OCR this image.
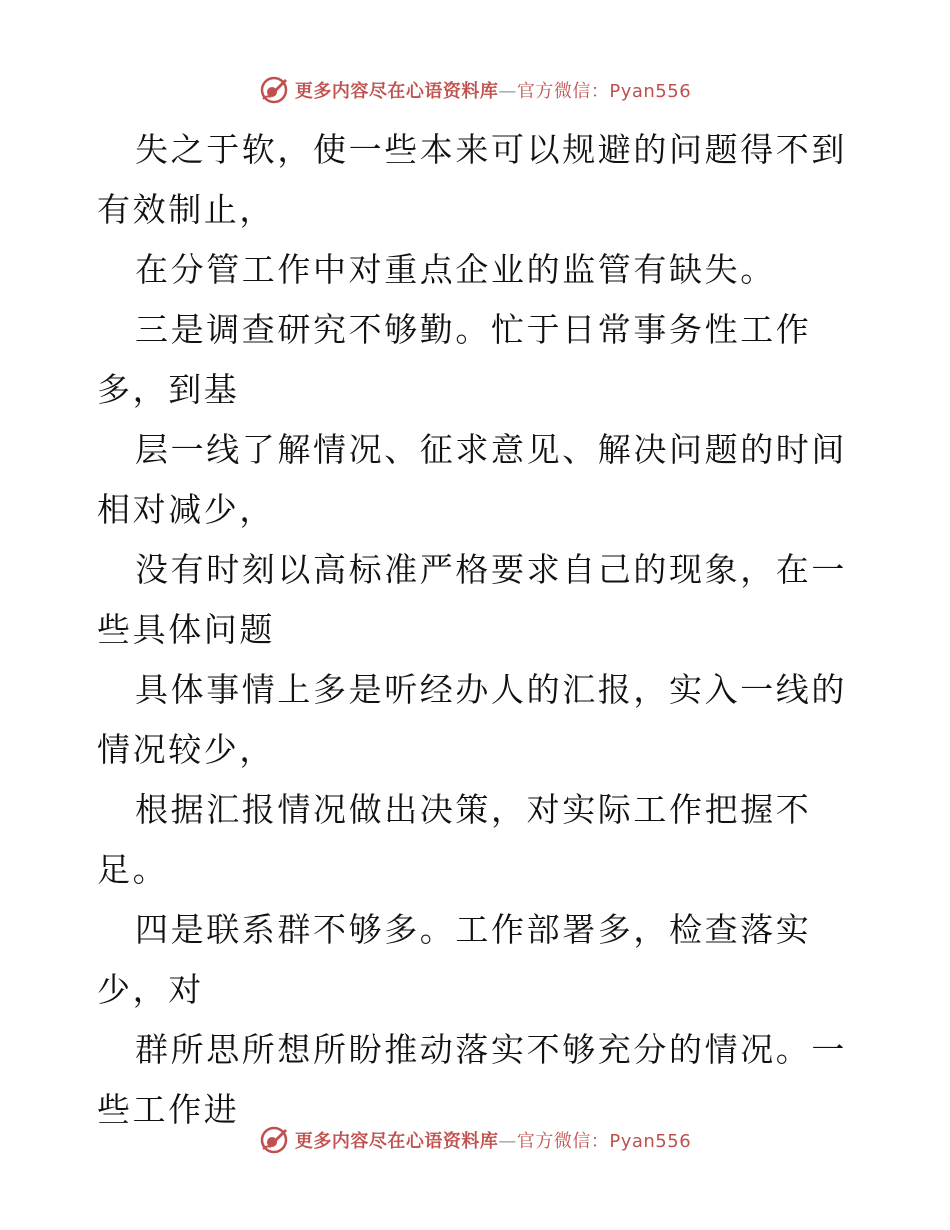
更多内容尽在心语资料库—官方微信：Pyan556

失之于软，使一些本来可以规避的问题得不到有效制止，

在分管工作中对重点企业的监管有缺失。

三是调查研究不够勤。忙于日常事务性工作多，到基

层一线了解情况、征求意见、解决问题的时间相对减少，

没有时刻以高标准严格要求自己的现象，在一些具体问题

具体事情上多是听经办人的汇报，实入一线的情况较少，

根据汇报情况做出决策，对实际工作把握不足。

四是联系群不够多。工作部署多，检查落实少，对

群所思所想所盼推动落实不够充分的情况。一些工作进

更多内容尽在心语资料库—官方微信：Pyan556
